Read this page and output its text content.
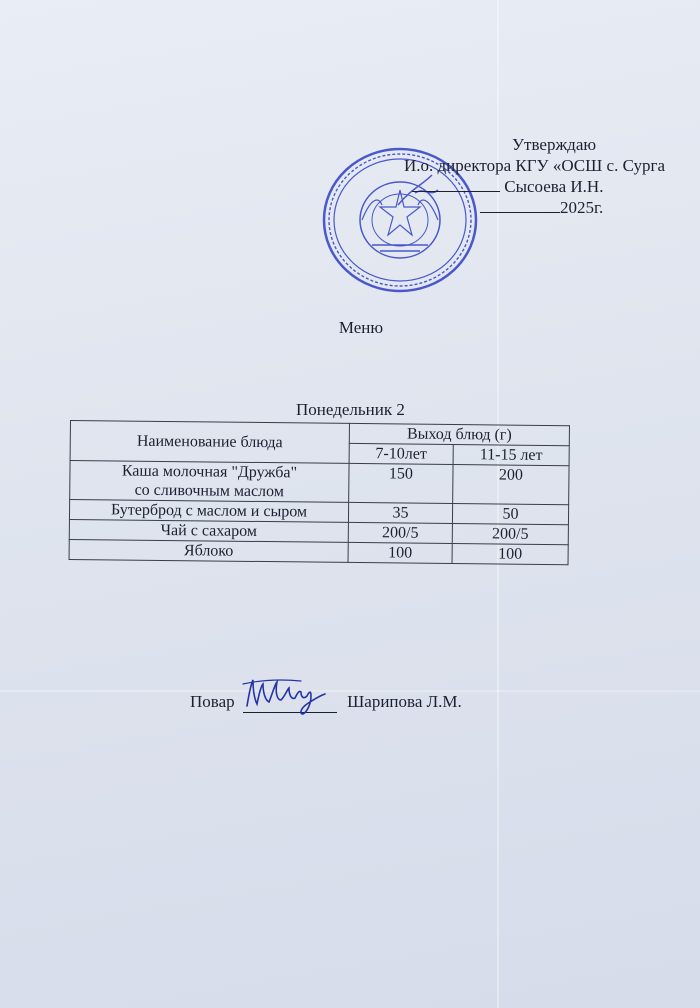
Утверждаю
И.о. директора КГУ «ОСШ с. Сурга
Сысоева И.Н.
2025г.
Меню
Понедельник 2
Наименование блюда	Выход блюд (г)	
	7-10лет	11-15 лет

Каша молочная "Дружба"
со сливочным маслом	150	200
Бутерброд с маслом и сыром	35	50
Чай с сахаром	200/5	200/5
Яблоко	100	100
Повар	Шарипова Л.М.
